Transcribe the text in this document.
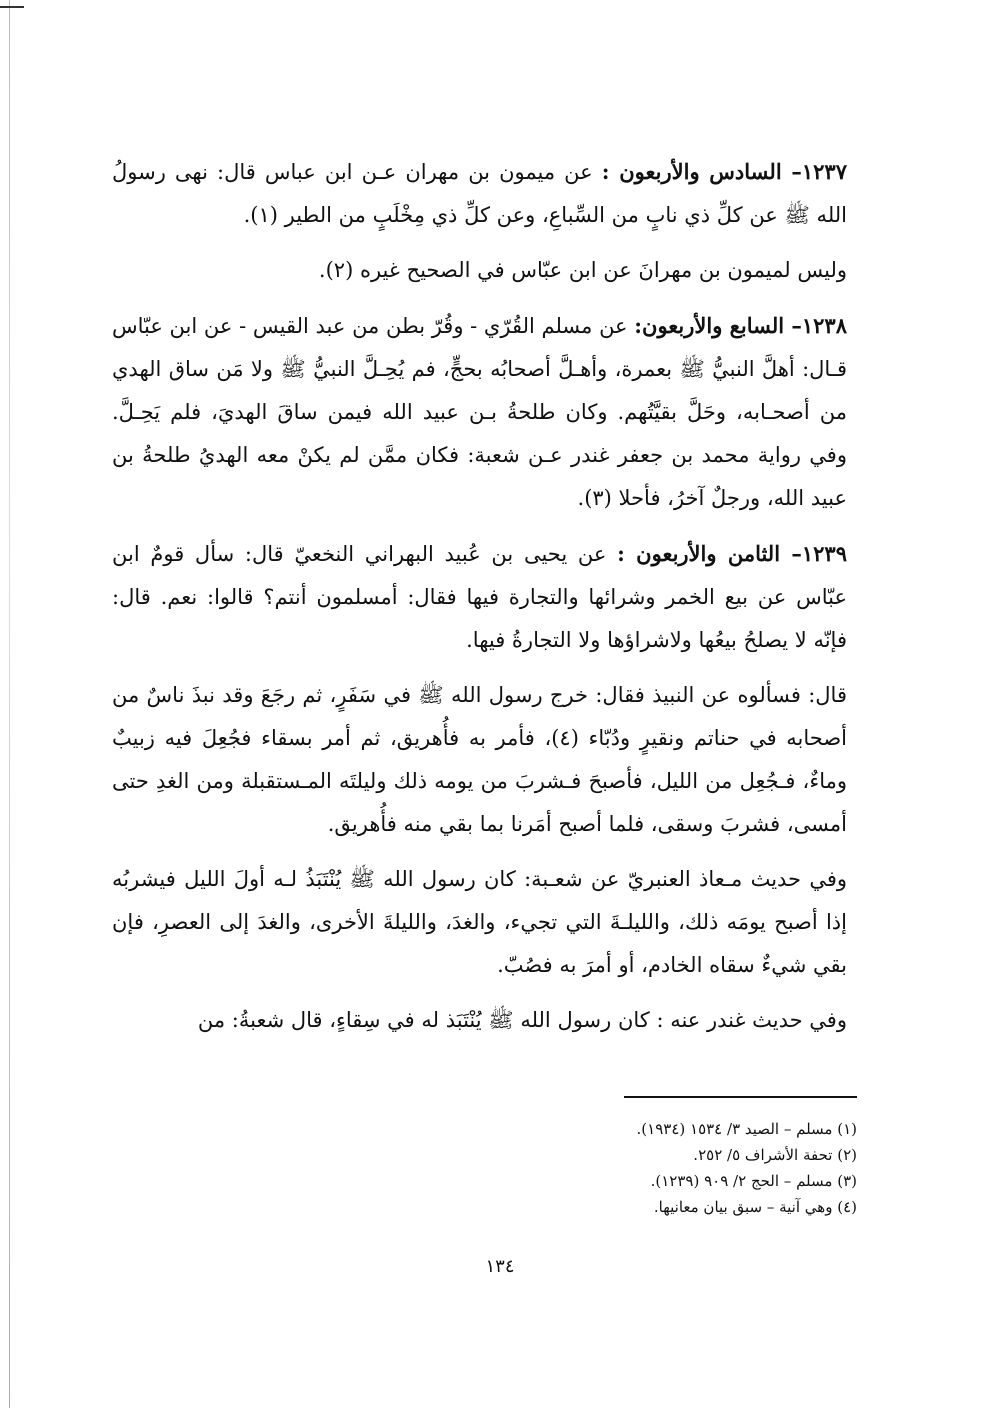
١٢٣٧– السادس والأربعون : عن ميمون بن مهران عـن ابن عباس قال: نهى رسولُ الله ﷺ عن كلِّ ذي نابٍ من السِّباعِ، وعن كلِّ ذي مِخْلَبٍ من الطير (١).

وليس لميمون بن مهرانَ عن ابن عبّاس في الصحيح غيره (٢).

١٢٣٨– السابع والأربعون: عن مسلم القُرّي - وقُرّ بطن من عبد القيس - عن ابن عبّاس قـال: أهلَّ النبيُّ ﷺ بعمرة، وأهـلَّ أصحابُه بحجٍّ، فم يُحِـلَّ النبيُّ ﷺ ولا مَن ساق الهدي من أصحـابه، وحَلَّ بقيَّتُهم. وكان طلحةُ بـن عبيد الله فيمن ساقَ الهديَ، فلم يَحِـلَّ. وفي رواية محمد بن جعفر غندر عـن شعبة: فكان ممَّن لم يكنْ معه الهديُ طلحةُ بن عبيد الله، ورجلٌ آخرُ، فأحلا (٣).

١٢٣٩– الثامن والأربعون : عن يحيى بن عُبيد البهراني النخعيّ قال: سأل قومٌ ابن عبّاس عن بيع الخمر وشرائها والتجارة فيها فقال: أمسلمون أنتم؟ قالوا: نعم. قال: فإنّه لا يصلحُ بيعُها ولاشراؤها ولا التجارةُ فيها.

قال: فسألوه عن النبيذ فقال: خرج رسول الله ﷺ في سَفَرٍ، ثم رجَعَ وقد نبذَ ناسٌ من أصحابه في حناتم ونقيرٍ ودُبّاء (٤)، فأمر به فأُهريق، ثم أمر بسقاء فجُعِلَ فيه زبيبٌ وماءٌ، فـجُعِل من الليل، فأصبحَ فـشربَ من يومه ذلك وليلتَه المـستقبلة ومن الغدِ حتى أمسى، فشربَ وسقى، فلما أصبح أمَرنا بما بقي منه فأُهريق.

وفي حديث مـعاذ العنبريّ عن شعـبة: كان رسول الله ﷺ يُنْتَبَذُ لـه أولَ الليل فيشربُه إذا أصبح يومَه ذلك، والليلـةَ التي تجيء، والغدَ، والليلةَ الأخرى، والغدَ إلى العصرِ، فإن بقي شيءٌ سقاه الخادم، أو أمرَ به فصُبّ.

وفي حديث غندر عنه : كان رسول الله ﷺ يُنْتَبَذ له في سِقاءٍ، قال شعبةُ: من

(١) مسلم – الصيد ٣/ ١٥٣٤ (١٩٣٤).

(٢) تحفة الأشراف ٥/ ٢٥٢.

(٣) مسلم – الحج ٢/ ٩٠٩ (١٢٣٩).

(٤) وهي آنية – سبق بيان معانيها.

١٣٤
